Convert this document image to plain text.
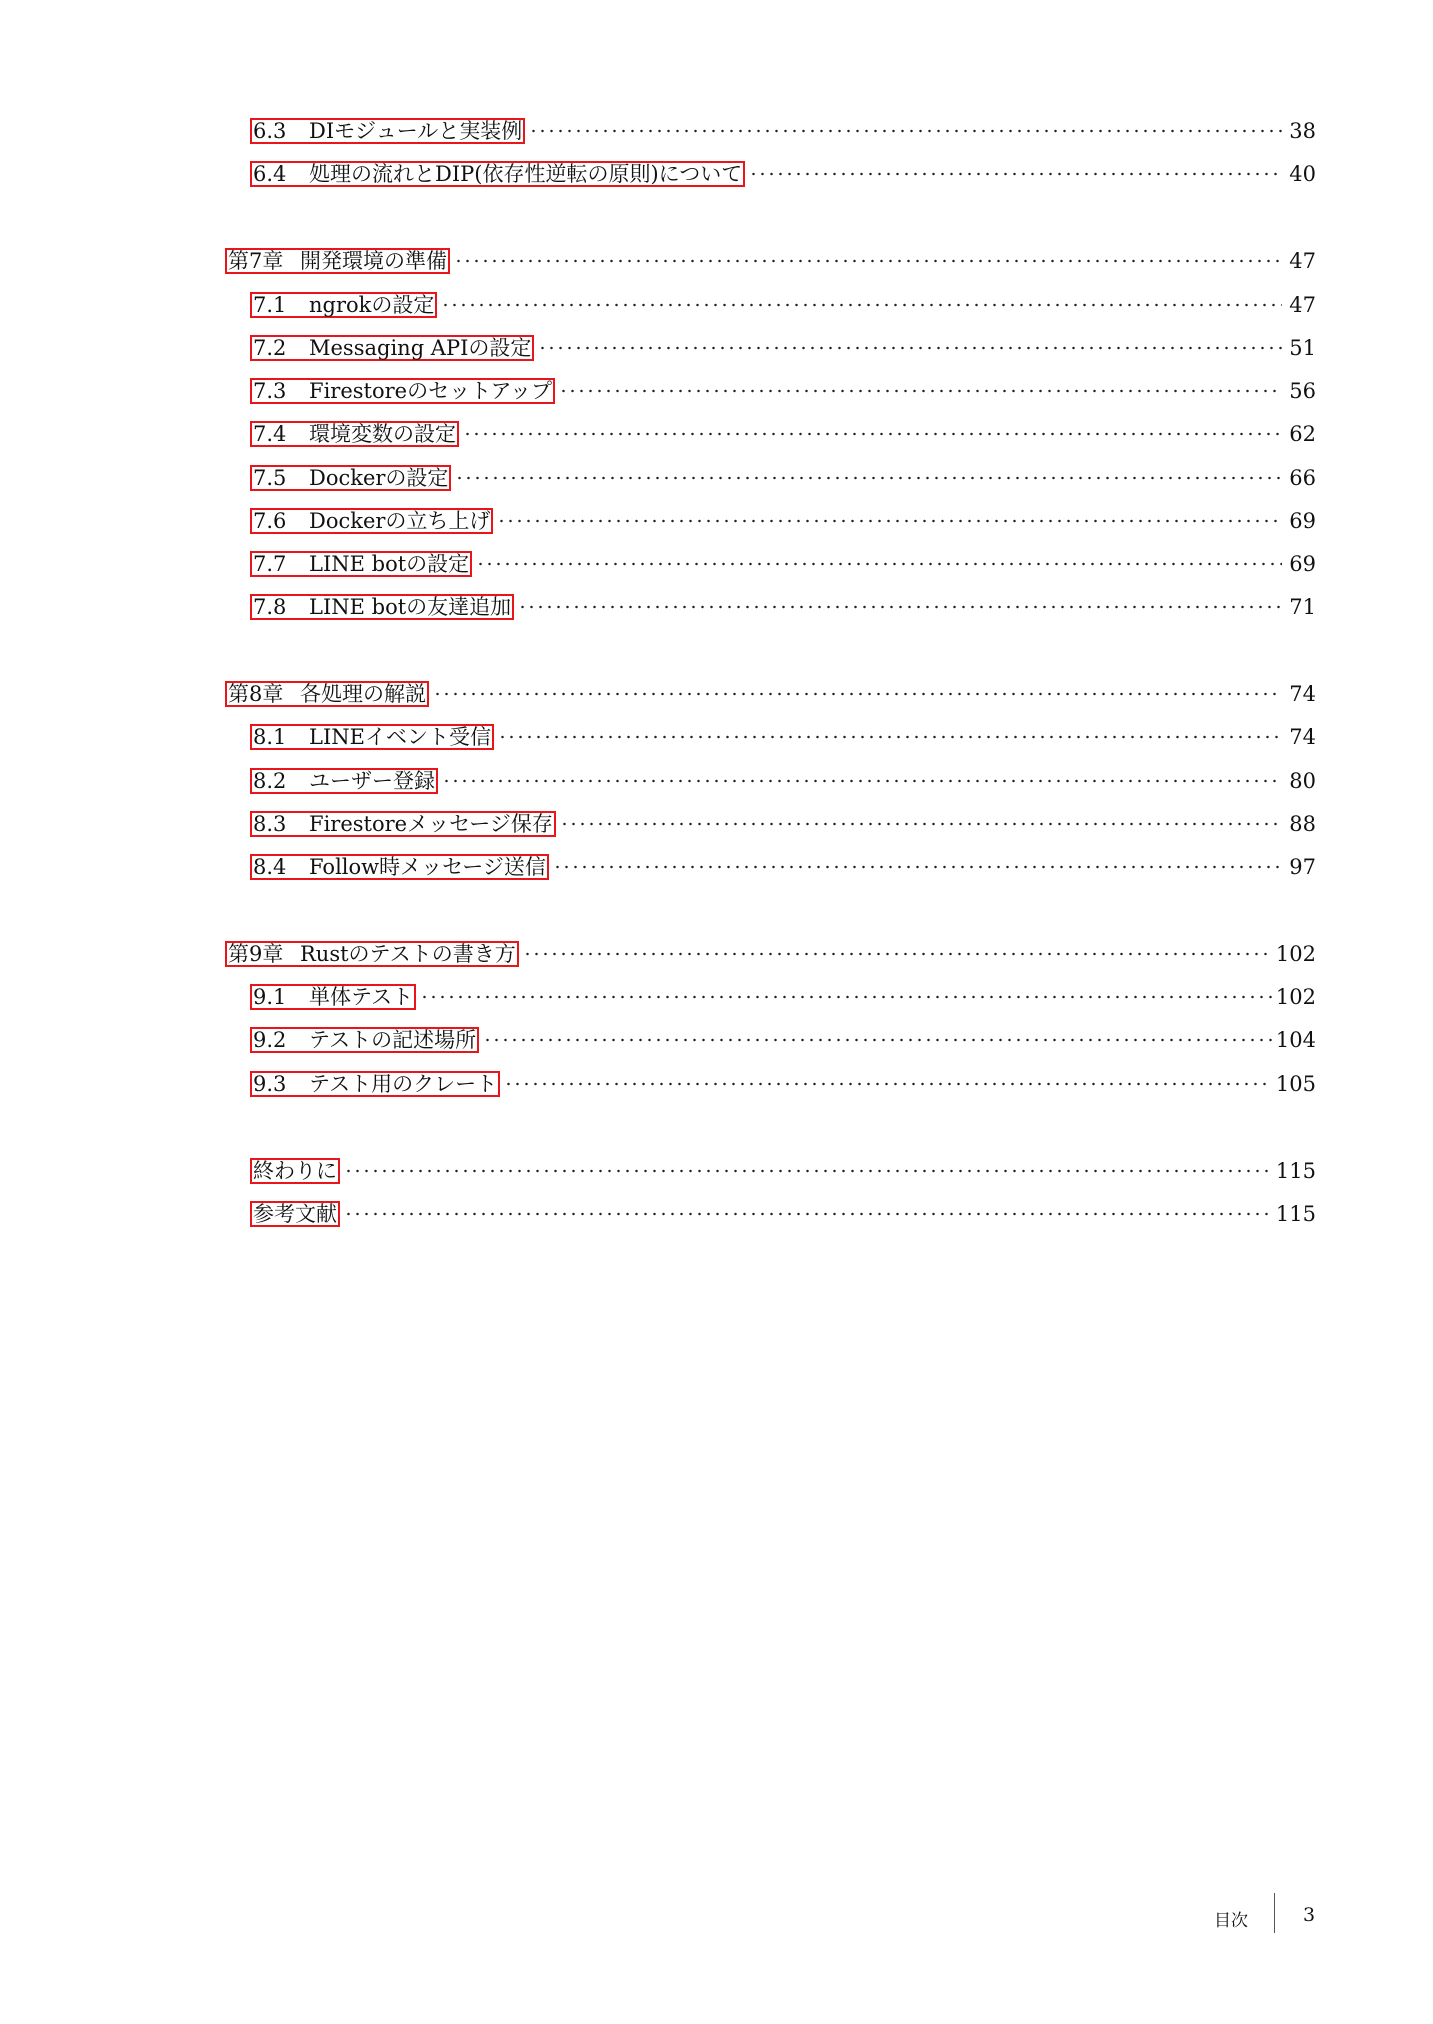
6.3	DIモジュールと実装例	38
6.4	処理の流れとDIP(依存性逆転の原則)について	40
第7章 開発環境の準備	47
7.1	ngrokの設定	47
7.2	Messaging APIの設定	51
7.3	Firestoreのセットアップ	56
7.4	環境変数の設定	62
7.5	Dockerの設定	66
7.6	Dockerの立ち上げ	69
7.7	LINE botの設定	69
7.8	LINE botの友達追加	71
第8章 各処理の解説	74
8.1	LINEイベント受信	74
8.2	ユーザー登録	80
8.3	Firestoreメッセージ保存	88
8.4	Follow時メッセージ送信	97
第9章 Rustのテストの書き方	102
9.1	単体テスト	102
9.2	テストの記述場所	104
9.3	テスト用のクレート	105
終わりに	115
参考文献	115
目次	3
